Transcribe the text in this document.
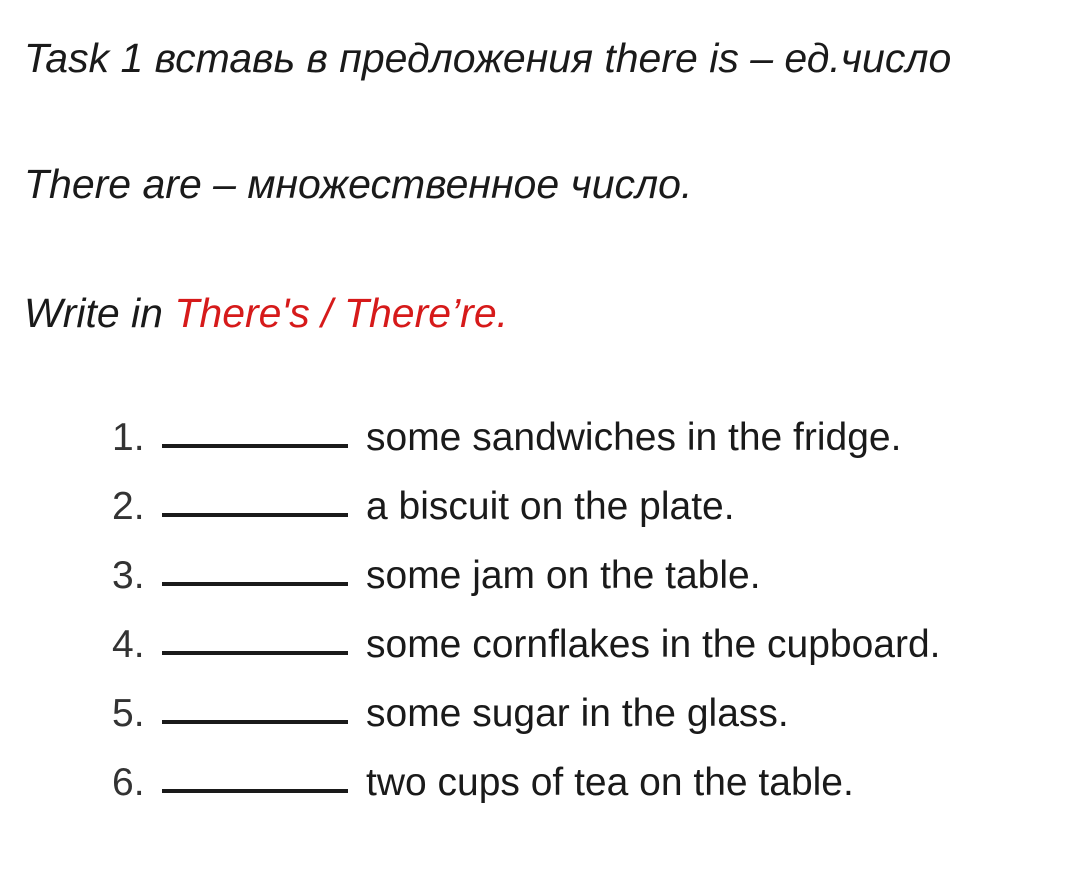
Task 1 вставь в предложения there is – ед.число
There are – множественное число.
Write in There's / There’re.
1.	some sandwiches in the fridge.
2.	a biscuit on the plate.
3.	some jam on the table.
4.	some cornflakes in the cupboard.
5.	some sugar in the glass.
6.	two cups of tea on the table.
